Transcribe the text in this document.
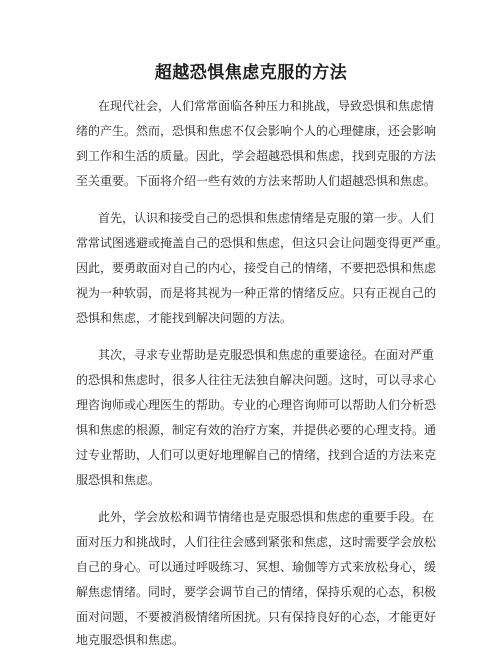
超越恐惧焦虑克服的方法
在现代社会，人们常常面临各种压力和挑战，导致恐惧和焦虑情
绪的产生。然而，恐惧和焦虑不仅会影响个人的心理健康，还会影响
到工作和生活的质量。因此，学会超越恐惧和焦虑，找到克服的方法
至关重要。下面将介绍一些有效的方法来帮助人们超越恐惧和焦虑。
首先，认识和接受自己的恐惧和焦虑情绪是克服的第一步。人们
常常试图逃避或掩盖自己的恐惧和焦虑，但这只会让问题变得更严重。
因此，要勇敢面对自己的内心，接受自己的情绪，不要把恐惧和焦虑
视为一种软弱，而是将其视为一种正常的情绪反应。只有正视自己的
恐惧和焦虑，才能找到解决问题的方法。
其次，寻求专业帮助是克服恐惧和焦虑的重要途径。在面对严重
的恐惧和焦虑时，很多人往往无法独自解决问题。这时，可以寻求心
理咨询师或心理医生的帮助。专业的心理咨询师可以帮助人们分析恐
惧和焦虑的根源，制定有效的治疗方案，并提供必要的心理支持。通
过专业帮助，人们可以更好地理解自己的情绪，找到合适的方法来克
服恐惧和焦虑。
此外，学会放松和调节情绪也是克服恐惧和焦虑的重要手段。在
面对压力和挑战时，人们往往会感到紧张和焦虑，这时需要学会放松
自己的身心。可以通过呼吸练习、冥想、瑜伽等方式来放松身心，缓
解焦虑情绪。同时，要学会调节自己的情绪，保持乐观的心态，积极
面对问题，不要被消极情绪所困扰。只有保持良好的心态，才能更好
地克服恐惧和焦虑。
